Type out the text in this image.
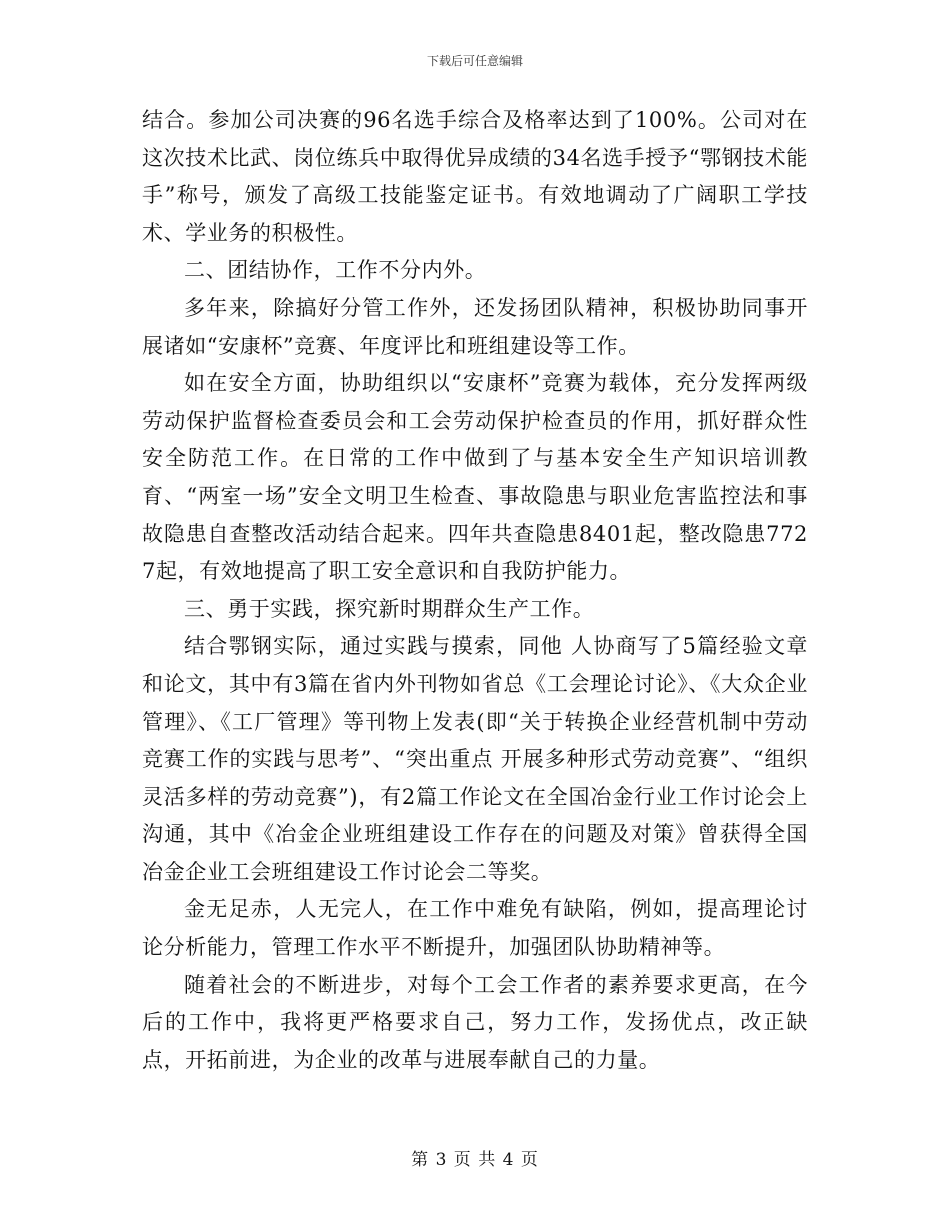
下载后可任意编辑

结合。参加公司决赛的96名选手综合及格率达到了100%。公司对在这次技术比武、岗位练兵中取得优异成绩的34名选手授予“鄂钢技术能手”称号，颁发了高级工技能鉴定证书。有效地调动了广阔职工学技术、学业务的积极性。

二、团结协作，工作不分内外。

多年来，除搞好分管工作外，还发扬团队精神，积极协助同事开展诸如“安康杯”竞赛、年度评比和班组建设等工作。

如在安全方面，协助组织以“安康杯”竞赛为载体，充分发挥两级劳动保护监督检查委员会和工会劳动保护检查员的作用，抓好群众性安全防范工作。在日常的工作中做到了与基本安全生产知识培训教育、“两室一场”安全文明卫生检查、事故隐患与职业危害监控法和事故隐患自查整改活动结合起来。四年共查隐患8401起，整改隐患7727起，有效地提高了职工安全意识和自我防护能力。

三、勇于实践，探究新时期群众生产工作。

结合鄂钢实际，通过实践与摸索，同他 人协商写了5篇经验文章和论文，其中有3篇在省内外刊物如省总《工会理论讨论》、《大众企业管理》、《工厂管理》等刊物上发表(即“关于转换企业经营机制中劳动竞赛工作的实践与思考”、“突出重点 开展多种形式劳动竞赛”、“组织灵活多样的劳动竞赛”)，有2篇工作论文在全国冶金行业工作讨论会上沟通，其中《冶金企业班组建设工作存在的问题及对策》曾获得全国冶金企业工会班组建设工作讨论会二等奖。

金无足赤，人无完人，在工作中难免有缺陷，例如，提高理论讨论分析能力，管理工作水平不断提升，加强团队协助精神等。

随着社会的不断进步，对每个工会工作者的素养要求更高，在今后的工作中，我将更严格要求自己，努力工作，发扬优点，改正缺点，开拓前进，为企业的改革与进展奉献自己的力量。

第 3 页 共 4 页
